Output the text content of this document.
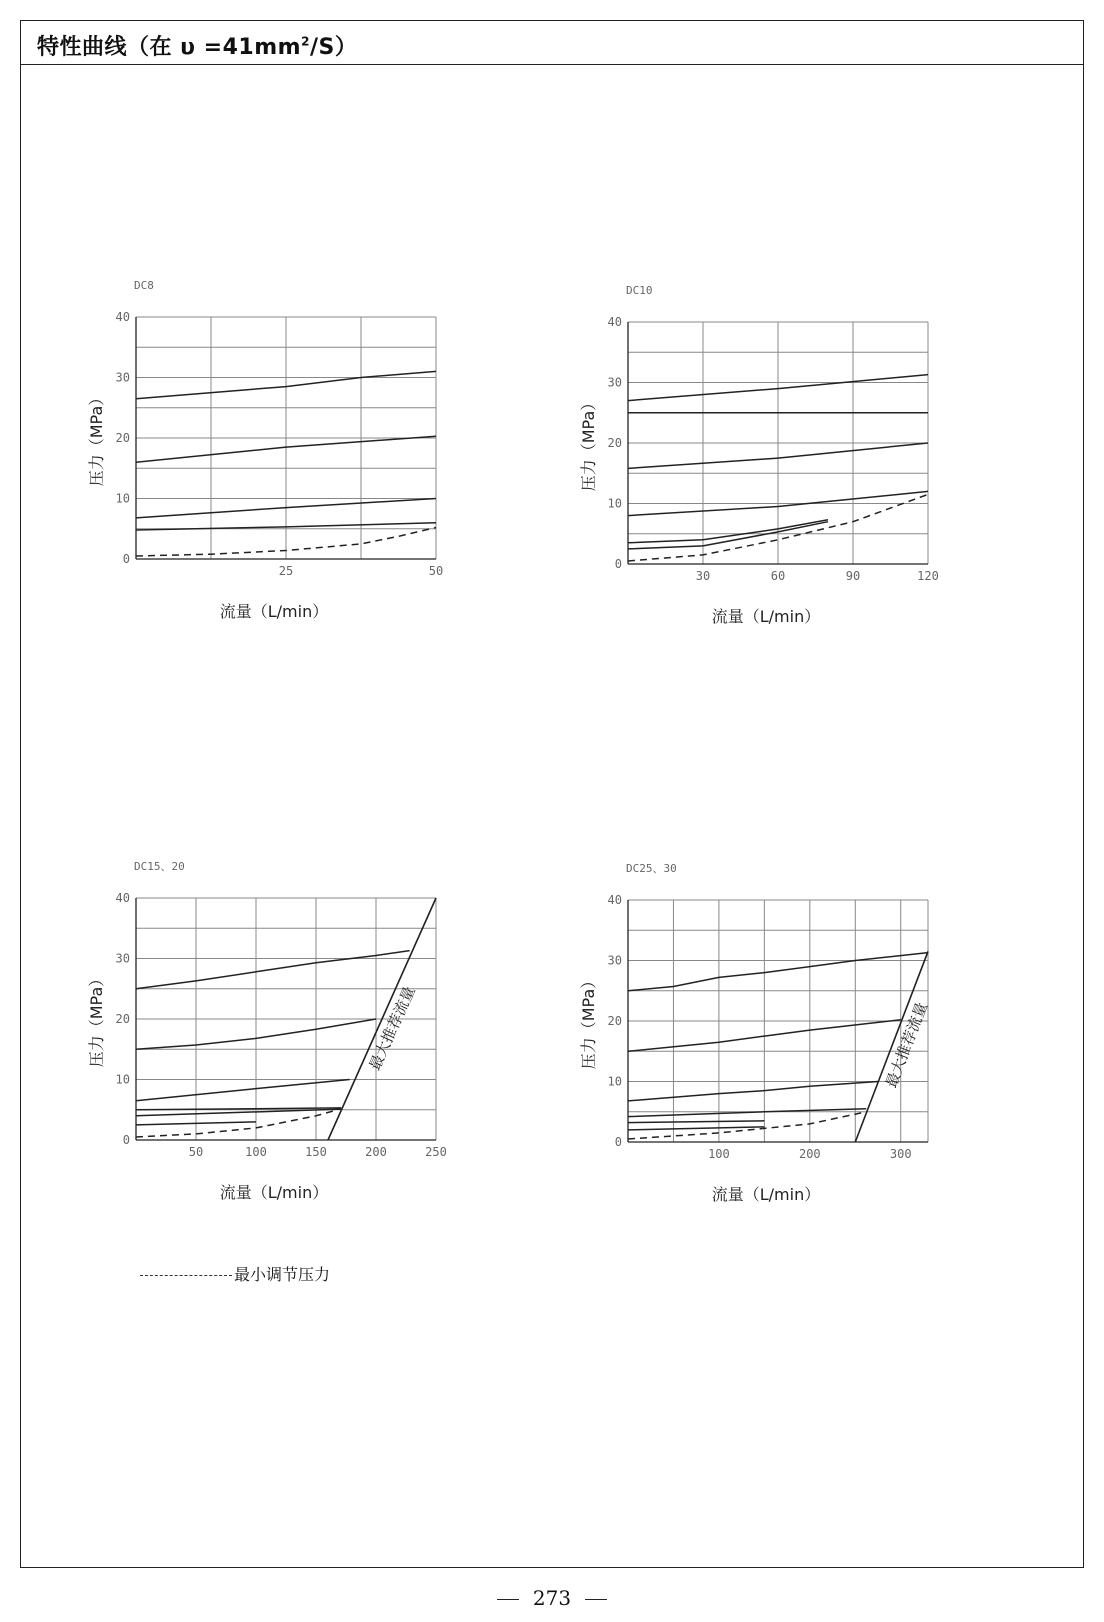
特性曲线（在 $\upsilon =41mm^2/S$）
DC8
0
10
20
30
40
25	50
流量（L/min）
压力（MPa）
DC10
0
10
20
30
40
30	60	90	120
流量（L/min）
压力（MPa）
DC15、20
0
10
20
30
40
50	100	150	200	250
流量（L/min）
压力（MPa）	最大推荐流量
DC25、30
0
10
20
30
40
100	200	300
流量（L/min）
压力（MPa）	最大推荐流量
最小调节压力
273
